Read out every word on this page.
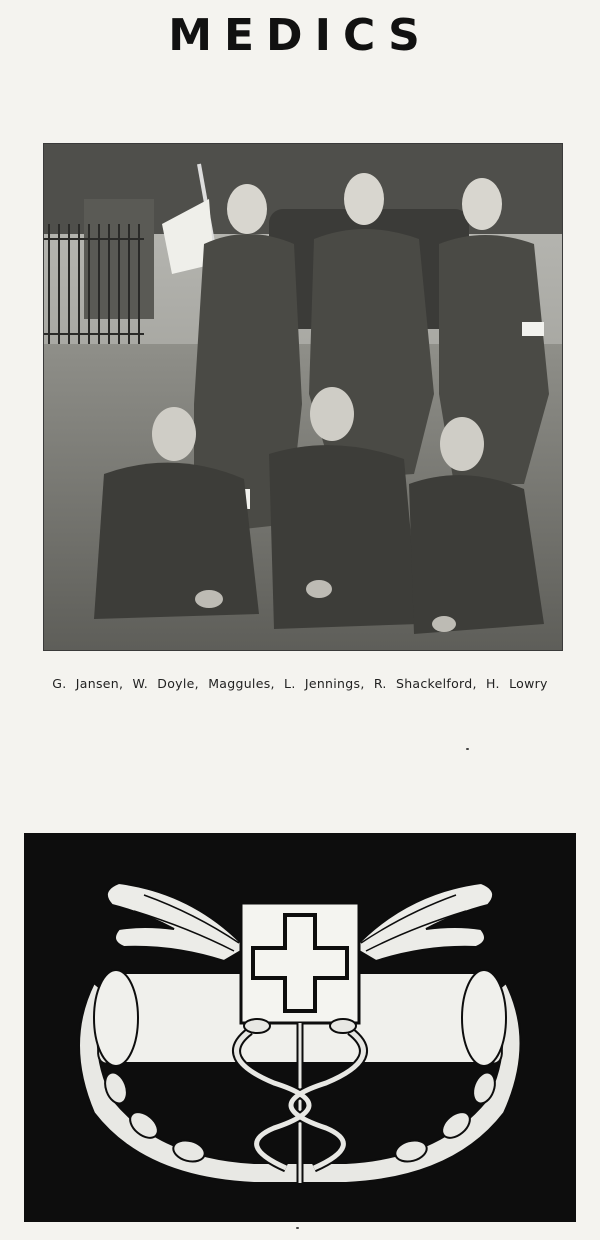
MEDICS
G. Jansen, W. Doyle, Maggules, L. Jennings, R. Shackelford, H. Lowry
